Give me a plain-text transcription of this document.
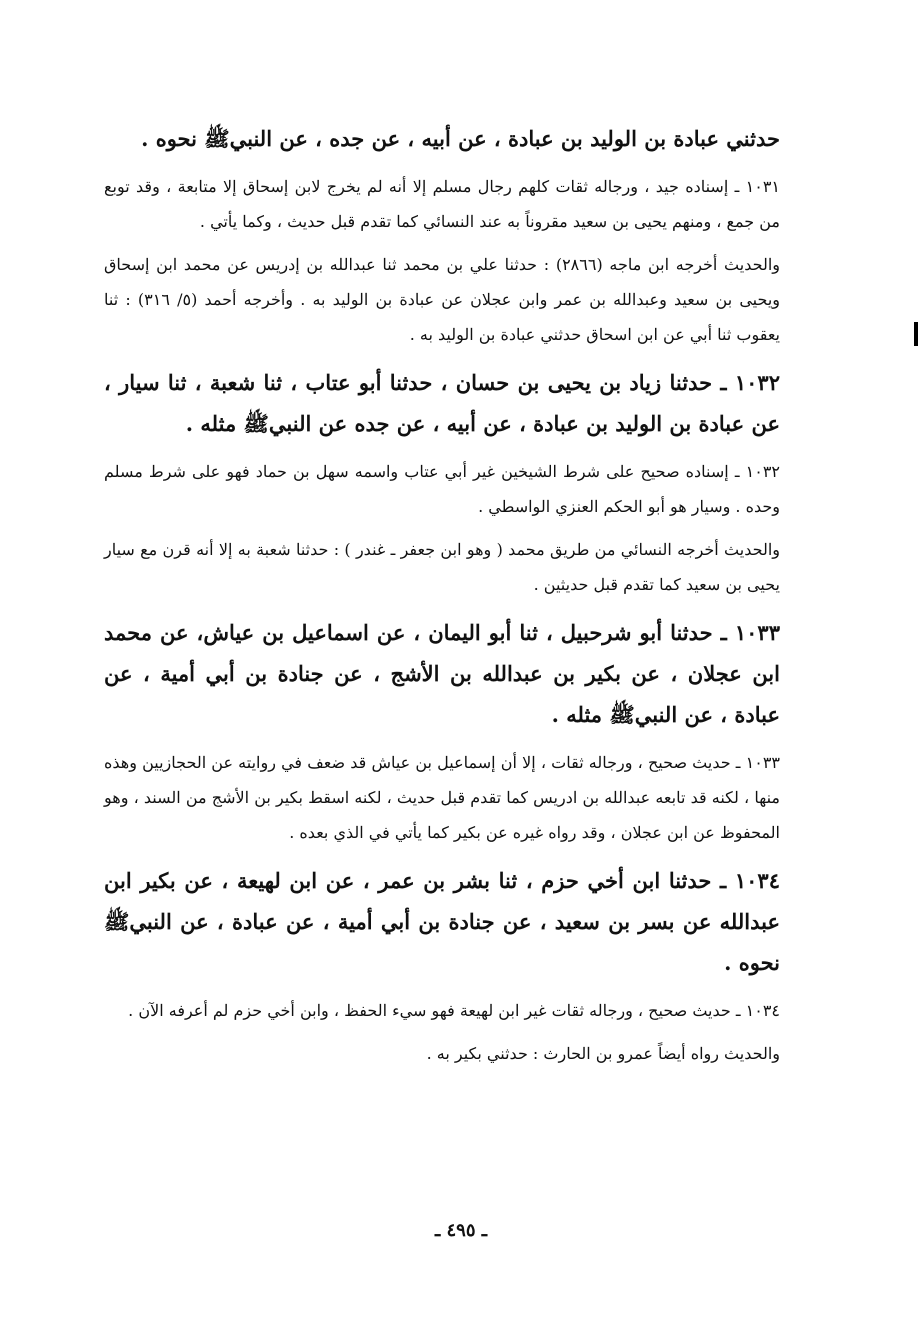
حدثني عبادة بن الوليد بن عبادة ، عن أبيه ، عن جده ، عن النبيﷺ نحوه .

١٠٣١ ـ إسناده جيد ، ورجاله ثقات كلهم رجال مسلم إلا أنه لم يخرج لابن إسحاق إلا متابعة ، وقد توبع من جمع ، ومنهم يحيى بن سعيد مقروناً به عند النسائي كما تقدم قبل حديث ، وكما يأتي .

والحديث أخرجه ابن ماجه (٢٨٦٦) : حدثنا علي بن محمد ثنا عبدالله بن إدريس عن محمد ابن إسحاق ويحيى بن سعيد وعبدالله بن عمر وابن عجلان عن عبادة بن الوليد به . وأخرجه أحمد (٥/ ٣١٦) : ثنا يعقوب ثنا أبي عن ابن اسحاق حدثني عبادة بن الوليد به .

١٠٣٢ ـ حدثنا زياد بن يحيى بن حسان ، حدثنا أبو عتاب ، ثنا شعبة ، ثنا سيار ، عن عبادة بن الوليد بن عبادة ، عن أبيه ، عن جده عن النبيﷺ مثله .

١٠٣٢ ـ إسناده صحيح على شرط الشيخين غير أبي عتاب واسمه سهل بن حماد فهو على شرط مسلم وحده . وسيار هو أبو الحكم العنزي الواسطي .

والحديث أخرجه النسائي من طريق محمد ( وهو ابن جعفر ـ غندر ) : حدثنا شعبة به إلا أنه قرن مع سيار يحيى بن سعيد كما تقدم قبل حديثين .

١٠٣٣ ـ حدثنا أبو شرحبيل ، ثنا أبو اليمان ، عن اسماعيل بن عياش، عن محمد ابن عجلان ، عن بكير بن عبدالله بن الأشج ، عن جنادة بن أبي أمية ، عن عبادة ، عن النبيﷺ مثله .

١٠٣٣ ـ حديث صحيح ، ورجاله ثقات ، إلا أن إسماعيل بن عياش قد ضعف في روايته عن الحجازيين وهذه منها ، لكنه قد تابعه عبدالله بن ادريس كما تقدم قبل حديث ، لكنه اسقط بكير بن الأشج من السند ، وهو المحفوظ عن ابن عجلان ، وقد رواه غيره عن بكير كما يأتي في الذي بعده .

١٠٣٤ ـ حدثنا ابن أخي حزم ، ثنا بشر بن عمر ، عن ابن لهيعة ، عن بكير ابن عبدالله عن بسر بن سعيد ، عن جنادة بن أبي أمية ، عن عبادة ، عن النبيﷺ نحوه .

١٠٣٤ ـ حديث صحيح ، ورجاله ثقات غير ابن لهيعة فهو سيء الحفظ ، وابن أخي حزم لم أعرفه الآن .

والحديث رواه أيضاً عمرو بن الحارث : حدثني بكير به .

ـ ٤٩٥ ـ
